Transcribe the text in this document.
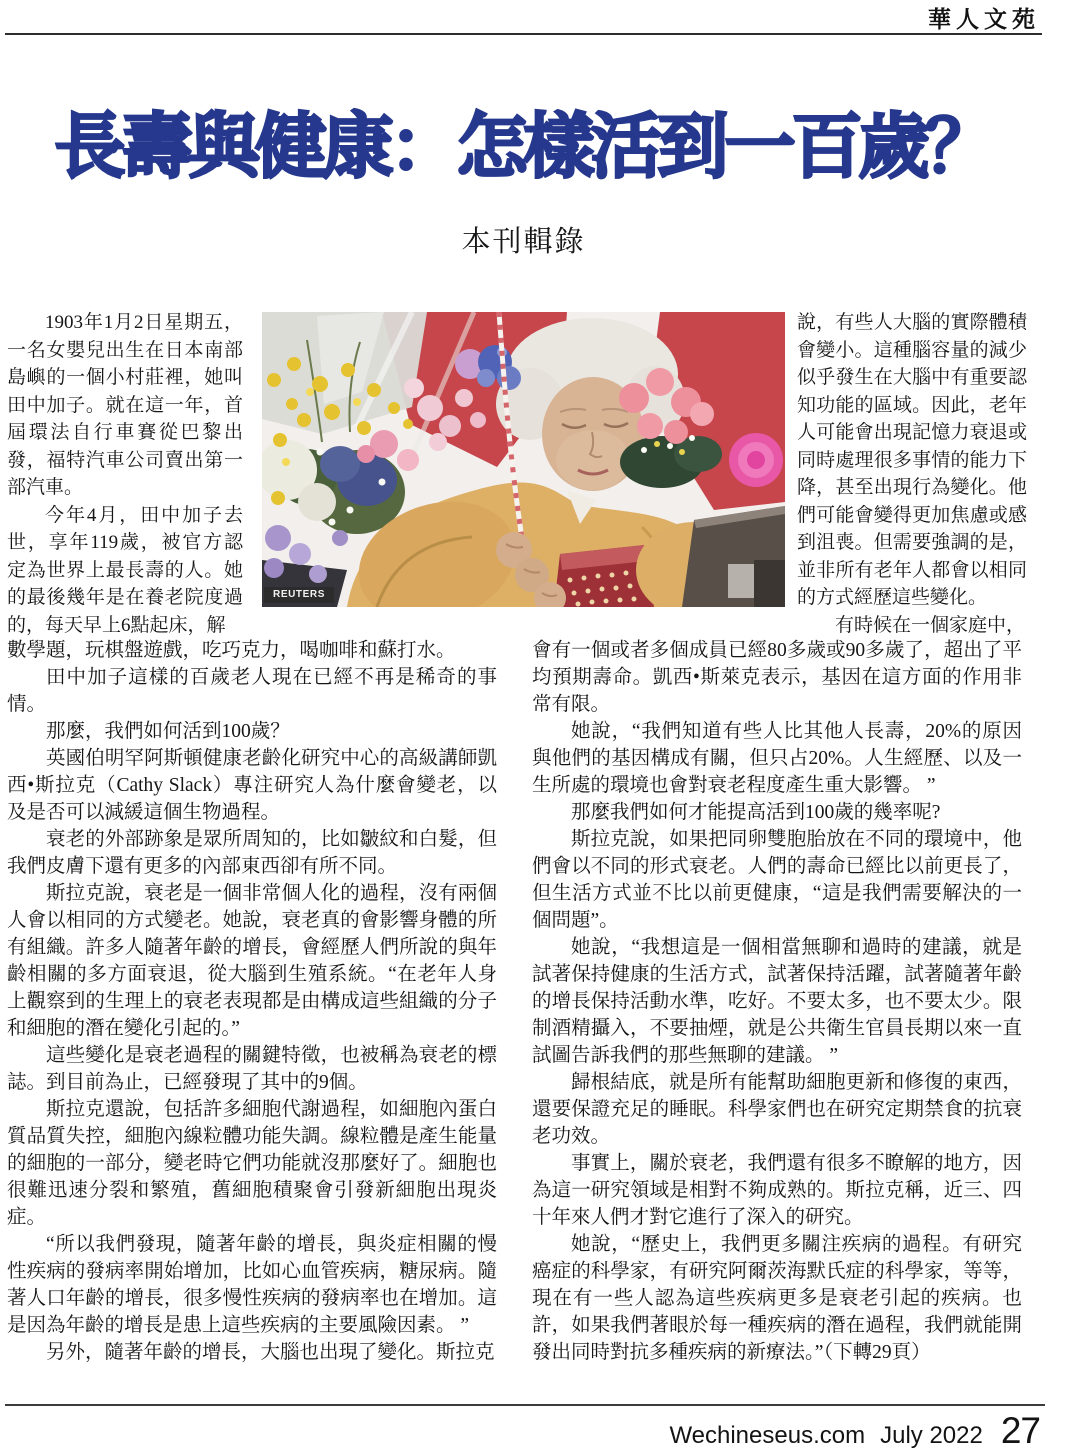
華人文苑
長壽與健康：怎樣活到一百歲？
本刊輯錄

1903年1月2日星期五，一名女嬰兒出生在日本南部島嶼的一個小村莊裡，她叫田中加子。就在這一年，首屆環法自行車賽從巴黎出發，福特汽車公司賣出第一部汽車。

今年4月，田中加子去世，享年119歲，被官方認定為世界上最長壽的人。她的最後幾年是在養老院度過的，每天早上6點起床，解

REUTERS

說，有些人大腦的實際體積會變小。這種腦容量的減少似乎發生在大腦中有重要認知功能的區域。因此，老年人可能會出現記憶力衰退或同時處理很多事情的能力下降，甚至出現行為變化。他們可能會變得更加焦慮或感到沮喪。但需要強調的是，並非所有老年人都會以相同的方式經歷這些變化。

有時候在一個家庭中，

數學題，玩棋盤遊戲，吃巧克力，喝咖啡和蘇打水。

田中加子這樣的百歲老人現在已經不再是稀奇的事情。

那麼，我們如何活到100歲？

英國伯明罕阿斯頓健康老齡化研究中心的高級講師凱西•斯拉克（Cathy Slack）專注研究人為什麼會變老，以及是否可以減緩這個生物過程。

衰老的外部跡象是眾所周知的，比如皺紋和白髮，但我們皮膚下還有更多的內部東西卻有所不同。

斯拉克說，衰老是一個非常個人化的過程，沒有兩個人會以相同的方式變老。她說，衰老真的會影響身體的所有組織。許多人隨著年齡的增長，會經歷人們所說的與年齡相關的多方面衰退，從大腦到生殖系統。“在老年人身上觀察到的生理上的衰老表現都是由構成這些組織的分子和細胞的潛在變化引起的。”

這些變化是衰老過程的關鍵特徵，也被稱為衰老的標誌。到目前為止，已經發現了其中的9個。

斯拉克還說，包括許多細胞代謝過程，如細胞內蛋白質品質失控，細胞內線粒體功能失調。線粒體是產生能量的細胞的一部分，變老時它們功能就沒那麼好了。細胞也很難迅速分裂和繁殖，舊細胞積聚會引發新細胞出現炎症。

“所以我們發現，隨著年齡的增長，與炎症相關的慢性疾病的發病率開始增加，比如心血管疾病，糖尿病。隨著人口年齡的增長，很多慢性疾病的發病率也在增加。這是因為年齡的增長是患上這些疾病的主要風險因素。 ”

另外，隨著年齡的增長，大腦也出現了變化。斯拉克

會有一個或者多個成員已經80多歲或90多歲了，超出了平均預期壽命。凱西•斯萊克表示，基因在這方面的作用非常有限。

她說，“我們知道有些人比其他人長壽，20%的原因與他們的基因構成有關，但只占20%。人生經歷、以及一生所處的環境也會對衰老程度產生重大影響。 ”

那麼我們如何才能提高活到100歲的幾率呢?

斯拉克說，如果把同卵雙胞胎放在不同的環境中，他們會以不同的形式衰老。人們的壽命已經比以前更長了，但生活方式並不比以前更健康，“這是我們需要解決的一個問題”。

她說，“我想這是一個相當無聊和過時的建議，就是試著保持健康的生活方式，試著保持活躍，試著隨著年齡的增長保持活動水準，吃好。不要太多，也不要太少。限制酒精攝入，不要抽煙，就是公共衛生官員長期以來一直試圖告訴我們的那些無聊的建議。 ”

歸根結底，就是所有能幫助細胞更新和修復的東西，還要保證充足的睡眠。科學家們也在研究定期禁食的抗衰老功效。

事實上，關於衰老，我們還有很多不瞭解的地方，因為這一研究領域是相對不夠成熟的。斯拉克稱，近三、四十年來人們才對它進行了深入的研究。

她說，“歷史上，我們更多關注疾病的過程。有研究癌症的科學家，有研究阿爾茨海默氏症的科學家，等等，現在有一些人認為這些疾病更多是衰老引起的疾病。也許，如果我們著眼於每一種疾病的潛在過程，我們就能開發出同時對抗多種疾病的新療法。”（下轉29頁）

Wechineseus.com July 2022 27
